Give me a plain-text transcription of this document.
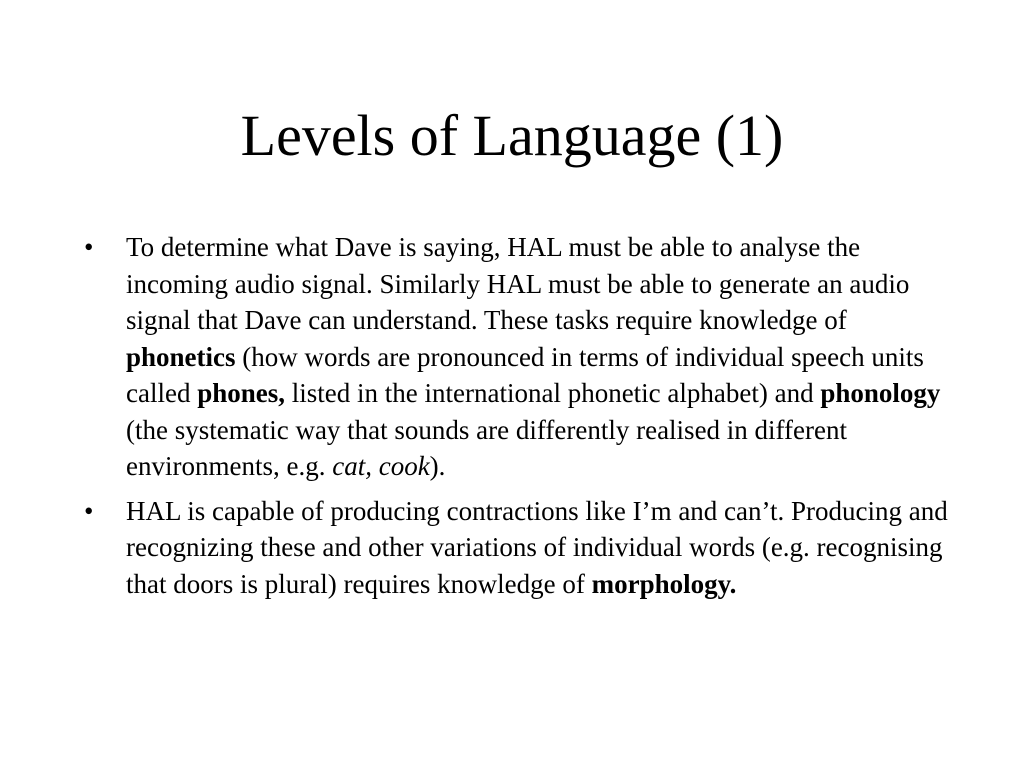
Levels of Language (1)
•	To determine what Dave is saying, HAL must be able to analyse the incoming audio signal. Similarly HAL must be able to generate an audio signal that Dave can understand. These tasks require knowledge of phonetics (how words are pronounced in terms of individual speech units called phones, listed in the international phonetic alphabet) and phonology (the systematic way that sounds are differently realised in different environments, e.g. cat, cook).
•	HAL is capable of producing contractions like I’m and can’t. Producing and recognizing these and other variations of individual words (e.g. recognising that doors is plural) requires knowledge of morphology.
